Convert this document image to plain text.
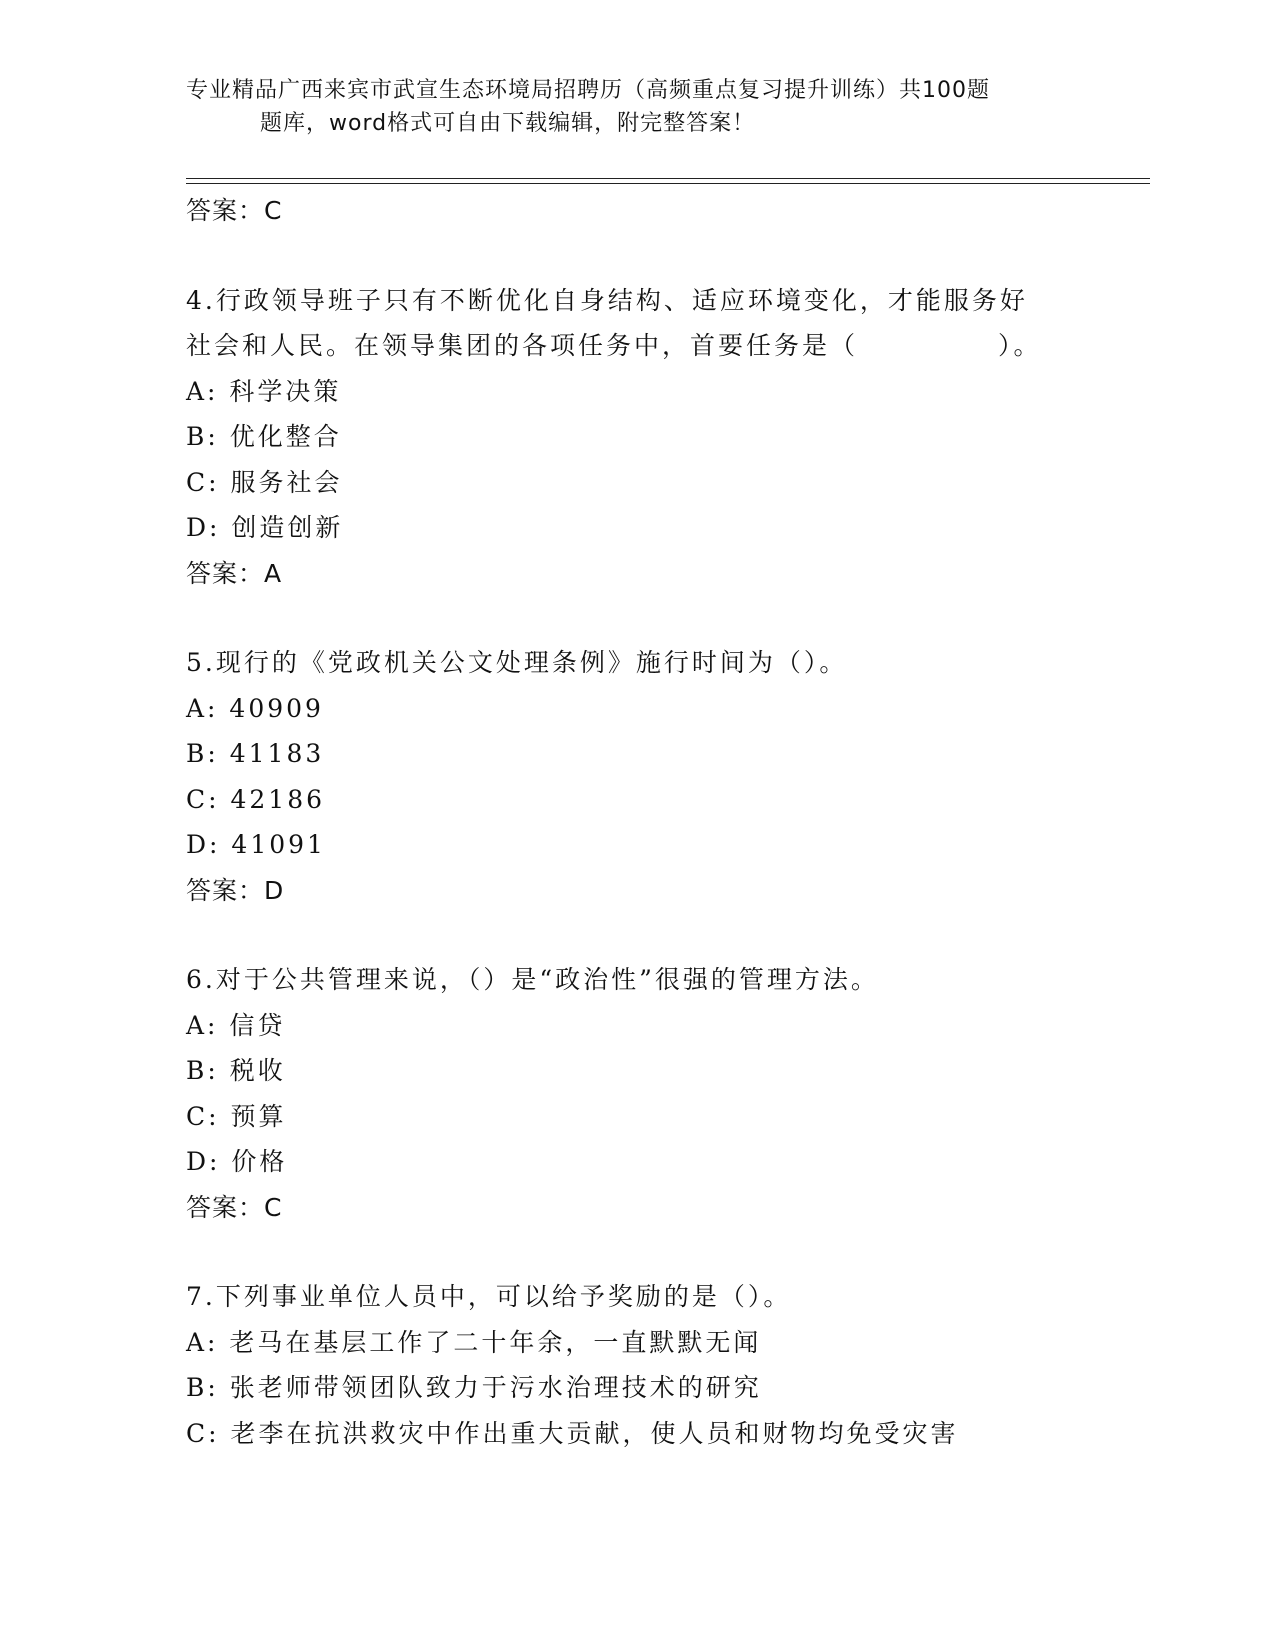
专业精品广西来宾市武宣生态环境局招聘历（高频重点复习提升训练）共100题
题库，word格式可自由下载编辑，附完整答案！
答案：C
4.行政领导班子只有不断优化自身结构、适应环境变化，才能服务好
社会和人民。在领导集团的各项任务中，首要任务是（　　　　　）。
A: 科学决策
B: 优化整合
C: 服务社会
D: 创造创新
答案：A
5.现行的《党政机关公文处理条例》施行时间为（）。
A: 40909
B: 41183
C: 42186
D: 41091
答案：D
6.对于公共管理来说，（）是“政治性”很强的管理方法。
A: 信贷
B: 税收
C: 预算
D: 价格
答案：C
7.下列事业单位人员中，可以给予奖励的是（）。
A: 老马在基层工作了二十年余，一直默默无闻
B: 张老师带领团队致力于污水治理技术的研究
C: 老李在抗洪救灾中作出重大贡献，使人员和财物均免受灾害
